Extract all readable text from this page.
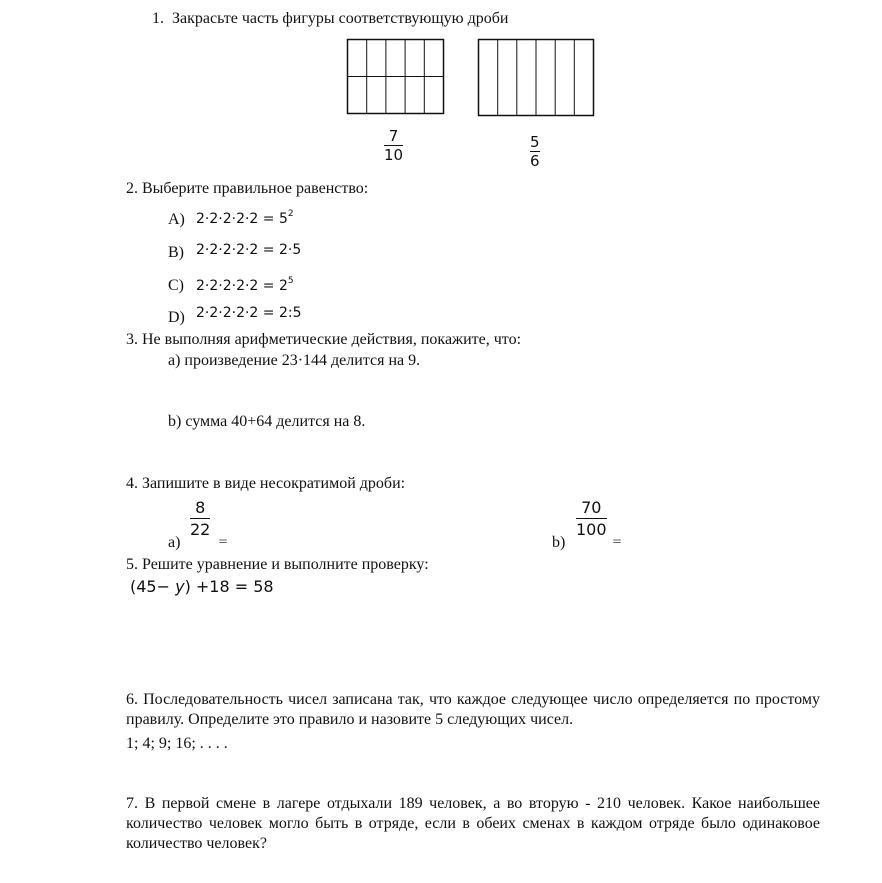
1.  Закрасьте часть фигуры соответствующую дроби
7
10
5
6
2. Выберите правильное равенство:
A) $2\cdot 2\cdot 2\cdot 2\cdot 2 = 5^2$
B) 2·2·2·2·2 = 2·5
C) $2\cdot 2\cdot 2\cdot 2\cdot 2 = 2^5$
D) 2·2·2·2·2 = 2:5
3. Не выполняя арифметические действия, покажите, что:
a) произведение 23·144 делится на 9.
b) сумма 40+64 делится на 8.
4. Запишите в виде несократимой дроби:
a)
8
22
=	b)
70
100
=
5. Решите уравнение и выполните проверку:
(45− y) +18 = 58
6. Последовательность чисел записана так, что каждое следующее число определяется по простому правилу. Определите это правило и назовите 5 следующих чисел.
1; 4; 9; 16; . . . .
7. В первой смене в лагере отдыхали 189 человек, а во вторую - 210 человек. Какое наибольшее количество человек могло быть в отряде, если в обеих сменах в каждом отряде было одинаковое количество человек?
